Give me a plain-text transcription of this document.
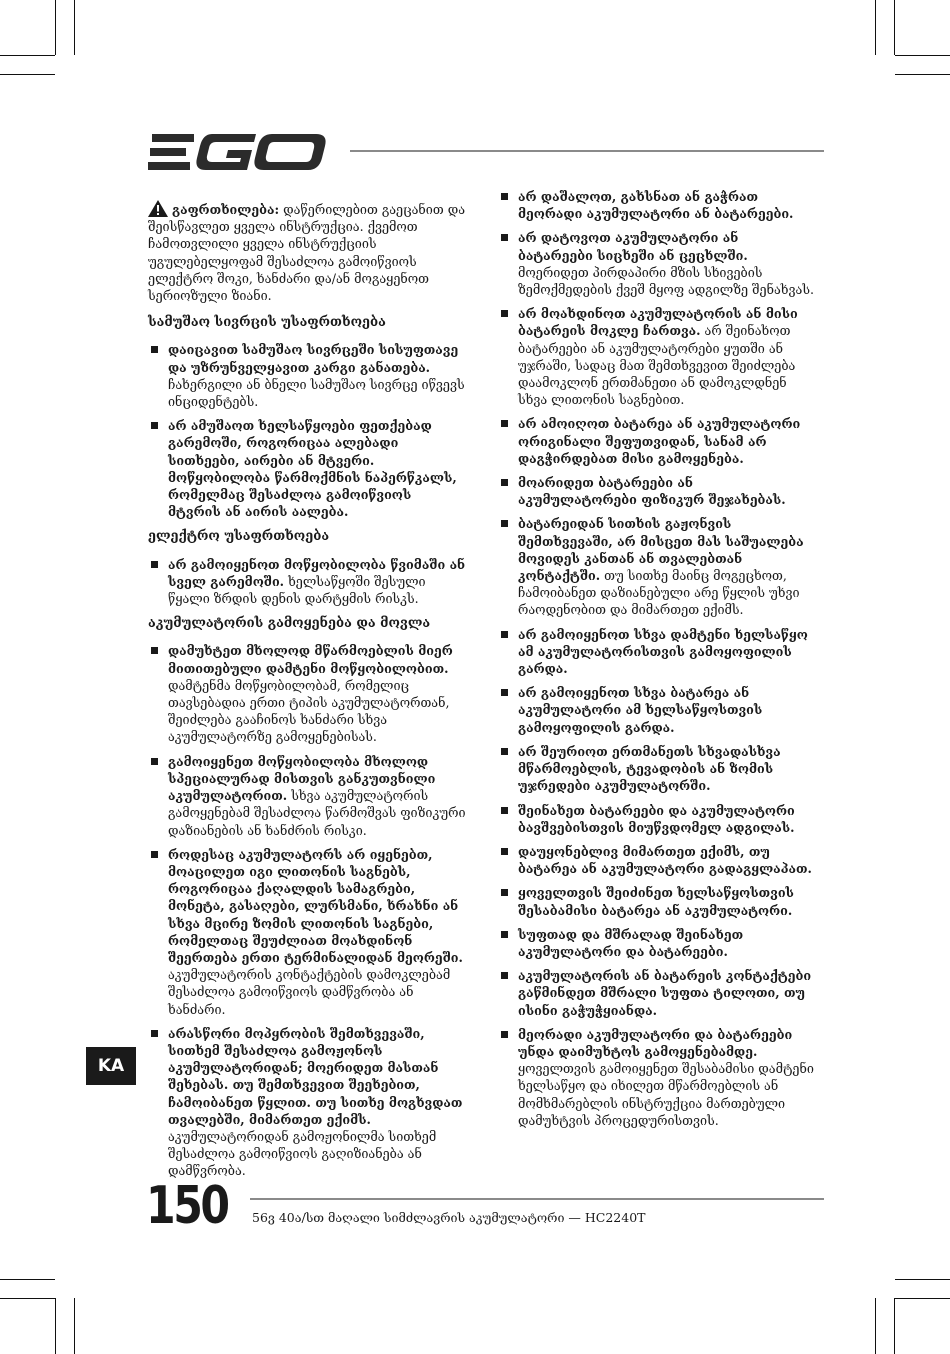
გაფრთხილება: დაწერილებით გაეცანით და შეისწავლეთ ყველა ინსტრუქცია. ქვემოთ ჩამოთვლილი ყველა ინსტრუქციის უგულებელყოფამ შესაძლოა გამოიწვიოს ელექტრო შოკი, ხანძარი და/ან მოგაყენოთ სერიოზული ზიანი.

სამუშაო სივრცის უსაფრთხოება
დაიცავით სამუშაო სივრცეში სისუფთავე და უზრუნველყავით კარგი განათება. ჩახერგილი ან ბნელი სამუშაო სივრცე იწვევს ინციდენტებს.
არ ამუშაოთ ხელსაწყოები ფეთქებად გარემოში, როგორიცაა ალებადი სითხეები, აირები ან მტვერი. მოწყობილობა წარმოქმნის ნაპერწკალს, რომელმაც შესაძლოა გამოიწვიოს მტვრის ან აირის აალება.
ელექტრო უსაფრთხოება
არ გამოიყენოთ მოწყობილობა წვიმაში ან სველ გარემოში. ხელსაწყოში შესული წყალი ზრდის დენის დარტყმის რისკს.
აკუმულატორის გამოყენება და მოვლა
დამუხტეთ მხოლოდ მწარმოებლის მიერ მითითებული დამტენი მოწყობილობით. დამტენმა მოწყობილობამ, რომელიც თავსებადია ერთი ტიპის აკუმულატორთან, შეიძლება გააჩინოს ხანძარი სხვა აკუმულატორზე გამოყენებისას.
გამოიყენეთ მოწყობილობა მხოლოდ სპეციალურად მისთვის განკუთვნილი აკუმულატორით. სხვა აკუმულატორის გამოყენებამ შესაძლოა წარმოშვას ფიზიკური დაზიანების ან ხანძრის რისკი.
როდესაც აკუმულატორს არ იყენებთ, მოაცილეთ იგი ლითონის საგნებს, როგორიცაა ქაღალდის სამაგრები, მონეტა, გასაღები, ლურსმანი, ხრახნი ან სხვა მცირე ზომის ლითონის საგნები, რომელთაც შეუძლიათ მოახდინონ შეერთება ერთი ტერმინალიდან მეორეში. აკუმულატორის კონტაქტების დამოკლებამ შესაძლოა გამოიწვიოს დამწვრობა ან ხანძარი.
არასწორი მოპყრობის შემთხვევაში, სითხემ შესაძლოა გამოჟონოს აკუმულატორიდან; მოერიდეთ მასთან შეხებას. თუ შემთხვევით შეეხებით, ჩამოიბანეთ წყლით. თუ სითხე მოგხვდათ თვალებში, მიმართეთ ექიმს. აკუმულატორიდან გამოჟონილმა სითხემ შესაძლოა გამოიწვიოს გაღიზიანება ან დამწვრობა.
არ დაშალოთ, გახსნათ ან გაჭრათ მეორადი აკუმულატორი ან ბატარეები.
არ დატოვოთ აკუმულატორი ან ბატარეები სიცხეში ან ცეცხლში. მოერიდეთ პირდაპირი მზის სხივების ზემოქმედების ქვეშ მყოფ ადგილზე შენახვას.
არ მოახდინოთ აკუმულატორის ან მისი ბატარეის მოკლე ჩართვა. არ შეინახოთ ბატარეები ან აკუმულატორები ყუთში ან უჯრაში, სადაც მათ შემთხვევით შეიძლება დაამოკლონ ერთმანეთი ან დამოკლდნენ სხვა ლითონის საგნებით.
არ ამოიღოთ ბატარეა ან აკუმულატორი ორიგინალი შეფუთვიდან, სანამ არ დაგჭირდებათ მისი გამოყენება.
მოარიდეთ ბატარეები ან აკუმულატორები ფიზიკურ შეჯახებას.
ბატარეიდან სითხის გაჟონვის შემთხვევაში, არ მისცეთ მას საშუალება მოვიდეს კანთან ან თვალებთან კონტაქტში. თუ სითხე მაინც მოგეცხოთ, ჩამოიბანეთ დაზიანებული არე წყლის უხვი რაოდენობით და მიმართეთ ექიმს.
არ გამოიყენოთ სხვა დამტენი ხელსაწყო ამ აკუმულატორისთვის გამოყოფილის გარდა.
არ გამოიყენოთ სხვა ბატარეა ან აკუმულატორი ამ ხელსაწყოსთვის გამოყოფილის გარდა.
არ შეურიოთ ერთმანეთს სხვადასხვა მწარმოებლის, ტევადობის ან ზომის უჯრედები აკუმულატორში.
შეინახეთ ბატარეები და აკუმულატორი ბავშვებისთვის მიუწვდომელ ადგილას.
დაუყონებლივ მიმართეთ ექიმს, თუ ბატარეა ან აკუმულატორი გადაგყლაპათ.
ყოველთვის შეიძინეთ ხელსაწყოსთვის შესაბამისი ბატარეა ან აკუმულატორი.
სუფთად და მშრალად შეინახეთ აკუმულატორი და ბატარეები.
აკუმულატორის ან ბატარეის კონტაქტები გაწმინდეთ მშრალი სუფთა ტილოთი, თუ ისინი გაჭუჭყიანდა.
მეორადი აკუმულატორი და ბატარეები უნდა დაიმუხტოს გამოყენებამდე. ყოველთვის გამოიყენეთ შესაბამისი დამტენი ხელსაწყო და იხილეთ მწარმოებლის ან მომხმარებლის ინსტრუქცია მართებული დამუხტვის პროცედურისთვის.
KA
150 56ვ 40ა/სთ მაღალი სიმძლავრის აკუმულატორი — HC2240T
